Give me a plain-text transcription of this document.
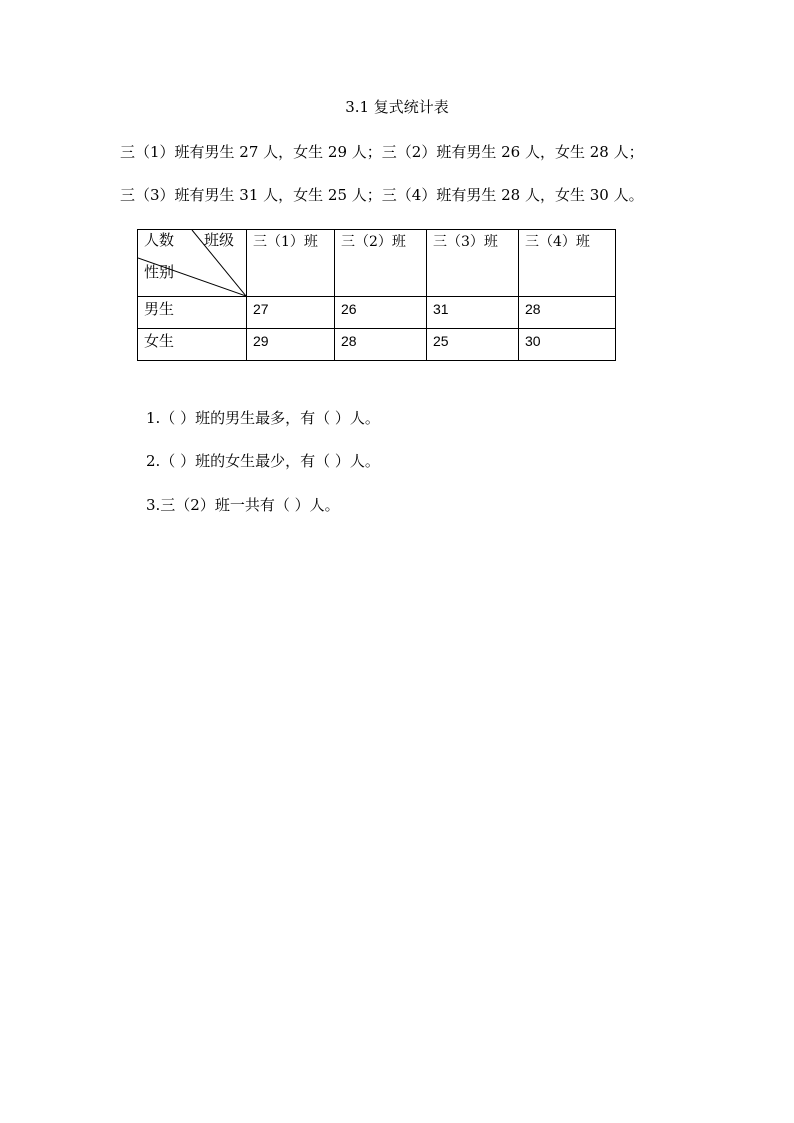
3.1 复式统计表
三（1）班有男生 27 人，女生 29 人；三（2）班有男生 26 人，女生 28 人；
三（3）班有男生 31 人，女生 25 人；三（4）班有男生 28 人，女生 30 人。
人数 班级
性别	三（1）班	三（2）班	三（3）班	三（4）班

男生	27	26	31	28

女生	29	28	25	30
1.（ ）班的男生最多，有（ ）人。
2.（ ）班的女生最少，有（ ）人。
3.三（2）班一共有（ ）人。
